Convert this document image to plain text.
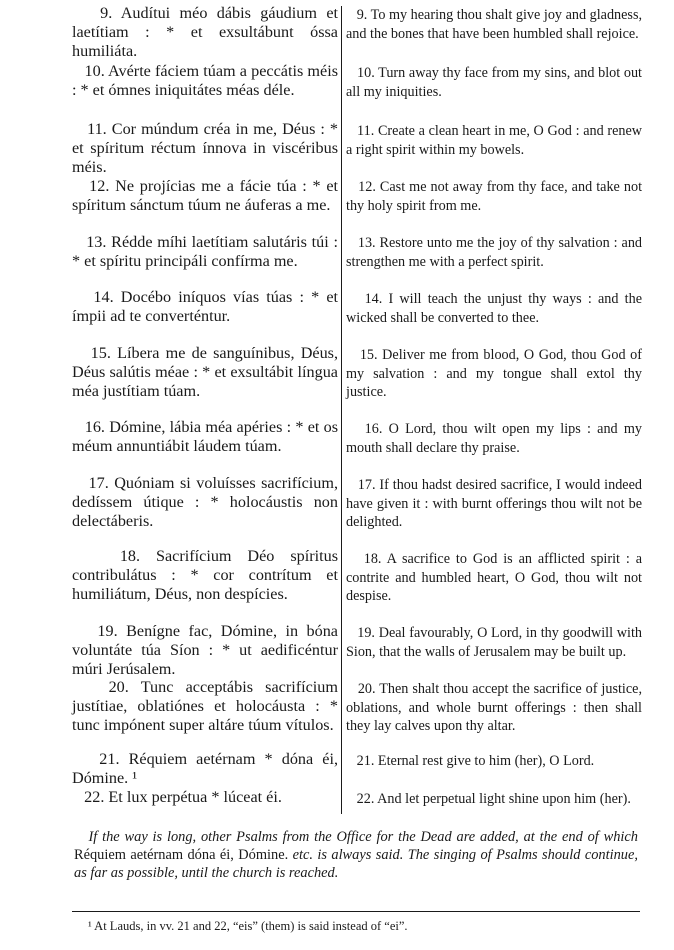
9. Audítui méo dábis gáudium et laetítiam : * et exsultábunt óssa humiliáta.
10. Avérte fáciem túam a peccátis méis : * et ómnes iniquitátes méas déle.
11. Cor múndum créa in me, Déus : * et spíritum réctum ínnova in viscéribus méis.
12. Ne projícias me a fácie túa : * et spíritum sánctum túum ne áuferas a me.
13. Rédde míhi laetítiam salutáris túi : * et spíritu principáli confírma me.
14. Docébo iníquos vías túas : * et ímpii ad te converténtur.
15. Líbera me de sanguínibus, Déus, Déus salútis méae : * et exsultábit língua méa justítiam túam.
16. Dómine, lábia méa apéries : * et os méum annuntiábit láudem túam.
17. Quóniam si voluísses sacrifícium, dedíssem útique : * holocáustis non delectáberis.
18. Sacrifícium Déo spíritus contribulátus : * cor contrítum et humiliátum, Déus, non despícies.
19. Benígne fac, Dómine, in bóna voluntáte túa Síon : * ut aedificéntur múri Jerúsalem.
20. Tunc acceptábis sacrifícium justítiae, oblatiónes et holocáusta : * tunc impónent super altáre túum vítulos.
21. Réquiem aetérnam * dóna éi, Dómine. ¹
22. Et lux perpétua * lúceat éi.
9. To my hearing thou shalt give joy and gladness, and the bones that have been humbled shall rejoice.
10. Turn away thy face from my sins, and blot out all my iniquities.
11. Create a clean heart in me, O God : and renew a right spirit within my bowels.
12. Cast me not away from thy face, and take not thy holy spirit from me.
13. Restore unto me the joy of thy salvation : and strengthen me with a perfect spirit.
14. I will teach the unjust thy ways : and the wicked shall be converted to thee.
15. Deliver me from blood, O God, thou God of my salvation : and my tongue shall extol thy justice.
16. O Lord, thou wilt open my lips : and my mouth shall declare thy praise.
17. If thou hadst desired sacrifice, I would indeed have given it : with burnt offerings thou wilt not be delighted.
18. A sacrifice to God is an afflicted spirit : a contrite and humbled heart, O God, thou wilt not despise.
19. Deal favourably, O Lord, in thy goodwill with Sion, that the walls of Jerusalem may be built up.
20. Then shalt thou accept the sacrifice of justice, oblations, and whole burnt offerings : then shall they lay calves upon thy altar.
21. Eternal rest give to him (her), O Lord.
22. And let perpetual light shine upon him (her).
If the way is long, other Psalms from the Office for the Dead are added, at the end of which Réquiem aetérnam dóna éi, Dómine. etc. is always said. The singing of Psalms should continue, as far as possible, until the church is reached.
¹ At Lauds, in vv. 21 and 22, “eis” (them) is said instead of “ei”.
